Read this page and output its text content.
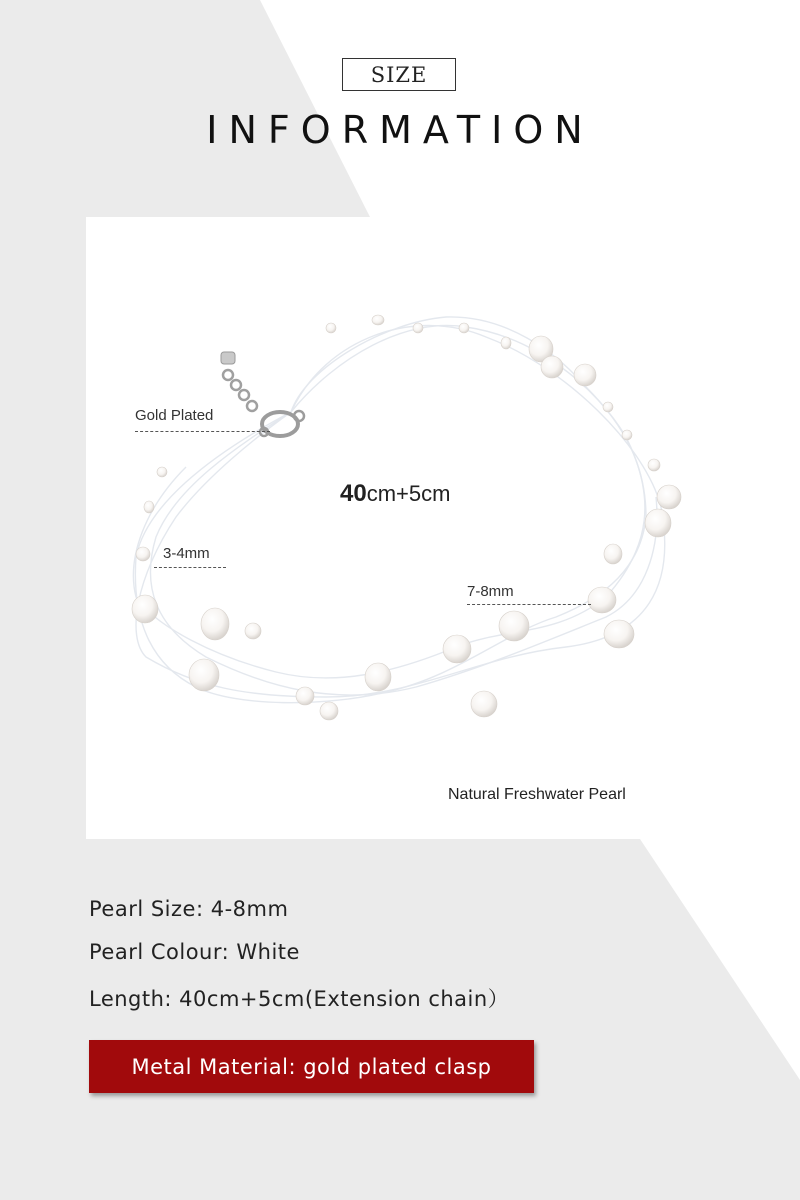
SIZE
INFORMATION
Gold Plated
3-4mm
7-8mm
40cm+5cm
Natural Freshwater Pearl
Pearl Size: 4-8mm
Pearl Colour: White
Length: 40cm+5cm(Extension chain）
Metal Material: gold plated clasp
